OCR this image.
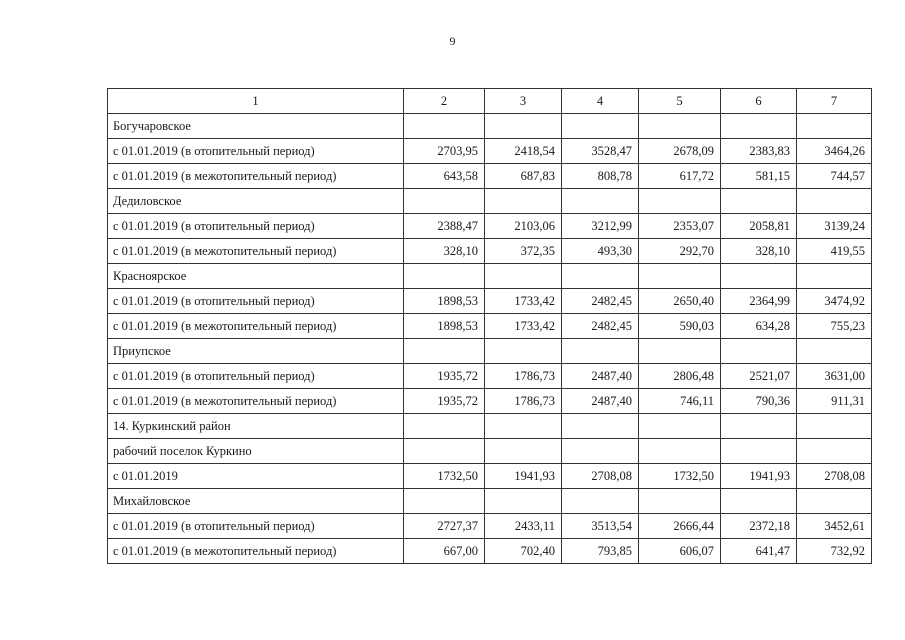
9
1	2	3	4	5	6	7
Богучаровское						
с 01.01.2019 (в отопительный период)	2703,95	2418,54	3528,47	2678,09	2383,83	3464,26
с 01.01.2019 (в межотопительный период)	643,58	687,83	808,78	617,72	581,15	744,57
Дедиловское						
с 01.01.2019 (в отопительный период)	2388,47	2103,06	3212,99	2353,07	2058,81	3139,24
с 01.01.2019 (в межотопительный период)	328,10	372,35	493,30	292,70	328,10	419,55
Красноярское						
с 01.01.2019 (в отопительный период)	1898,53	1733,42	2482,45	2650,40	2364,99	3474,92
с 01.01.2019 (в межотопительный период)	1898,53	1733,42	2482,45	590,03	634,28	755,23
Приупское						
с 01.01.2019 (в отопительный период)	1935,72	1786,73	2487,40	2806,48	2521,07	3631,00
с 01.01.2019 (в межотопительный период)	1935,72	1786,73	2487,40	746,11	790,36	911,31
14. Куркинский район						
рабочий поселок Куркино						
с 01.01.2019	1732,50	1941,93	2708,08	1732,50	1941,93	2708,08
Михайловское						
с 01.01.2019 (в отопительный период)	2727,37	2433,11	3513,54	2666,44	2372,18	3452,61
с 01.01.2019 (в межотопительный период)	667,00	702,40	793,85	606,07	641,47	732,92
